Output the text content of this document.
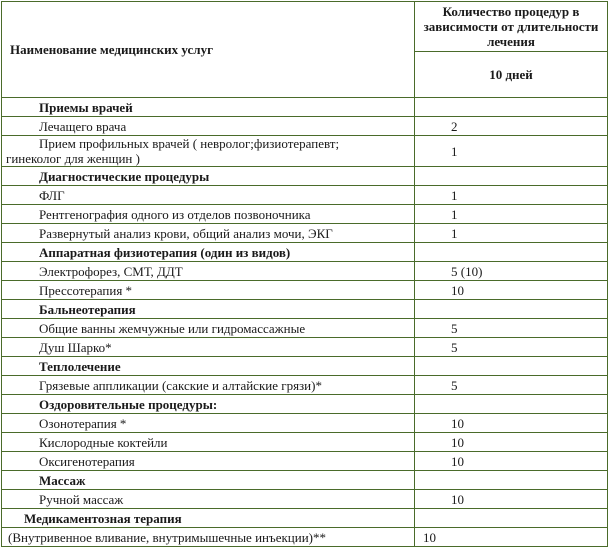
Наименование медицинских услуг	Количество процедур в зависимости от длительности лечения
	10 дней
Приемы врачей	
Лечащего врача	2

Прием профильных врачей ( невролог;физиотерапевт;
гинеколог для женщин )	1
Диагностические процедуры	
ФЛГ	1
Рентгенография одного из отделов позвоночника	1
Развернутый анализ крови, общий анализ мочи, ЭКГ	1
Аппаратная физиотерапия (один из видов)	
Электрофорез, СМТ, ДДТ	5 (10)
Прессотерапия *	10
Бальнеотерапия	
Общие ванны жемчужные или гидромассажные	5
Душ Шарко*	5
Теплолечение	
Грязевые аппликации (сакские и алтайские грязи)*	5
Оздоровительные процедуры:	
Озонотерапия *	10
Кислородные коктейли	10
Оксигенотерапия	10
Массаж	
Ручной массаж	10
Медикаментозная терапия	
(Внутривенное вливание, внутримышечные инъекции)**	10
